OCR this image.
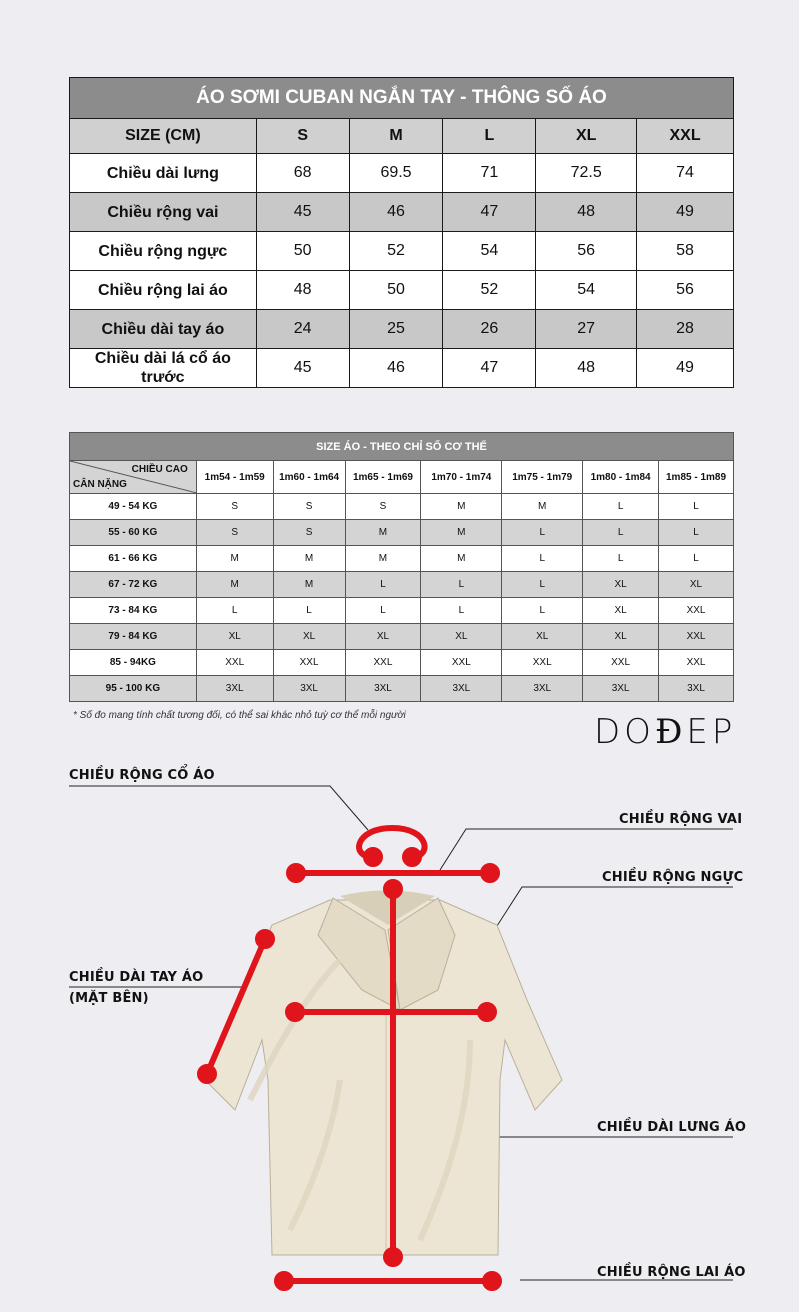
ÁO SƠMI CUBAN NGẮN TAY - THÔNG SỐ ÁO					
SIZE (CM)	S	M	L	XL	XXL
Chiều dài lưng	68	69.5	71	72.5	74
Chiều rộng vai	45	46	47	48	49
Chiều rộng ngực	50	52	54	56	58
Chiều rộng lai áo	48	50	52	54	56
Chiều dài tay áo	24	25	26	27	28
Chiều dài lá cổ áo trước	45	46	47	48	49
SIZE ÁO - THEO CHỈ SỐ CƠ THỂ							

CHIỀU CAO
CÂN NẶNG	1m54 - 1m59	1m60 - 1m64	1m65 - 1m69	1m70 - 1m74	1m75 - 1m79	1m80 - 1m84	1m85 - 1m89
49 - 54 KG	S	S	S	M	M	L	L
55 - 60 KG	S	S	M	M	L	L	L
61 - 66 KG	M	M	M	M	L	L	L
67 - 72 KG	M	M	L	L	L	XL	XL
73 - 84 KG	L	L	L	L	L	XL	XXL
79 - 84 KG	XL	XL	XL	XL	XL	XL	XXL
85 - 94KG	XXL	XXL	XXL	XXL	XXL	XXL	XXL
95 - 100 KG	3XL	3XL	3XL	3XL	3XL	3XL	3XL
* Số đo mang tính chất tương đối, có thể sai khác nhỏ tuỳ cơ thể mỗi người	DOĐEP
CHIỀU RỘNG CỔ ÁO
CHIỀU RỘNG VAI
CHIỀU RỘNG NGỰC
CHIỀU DÀI TAY ÁO
(MẶT BÊN)
CHIỀU DÀI LƯNG ÁO
CHIỀU RỘNG LAI ÁO
